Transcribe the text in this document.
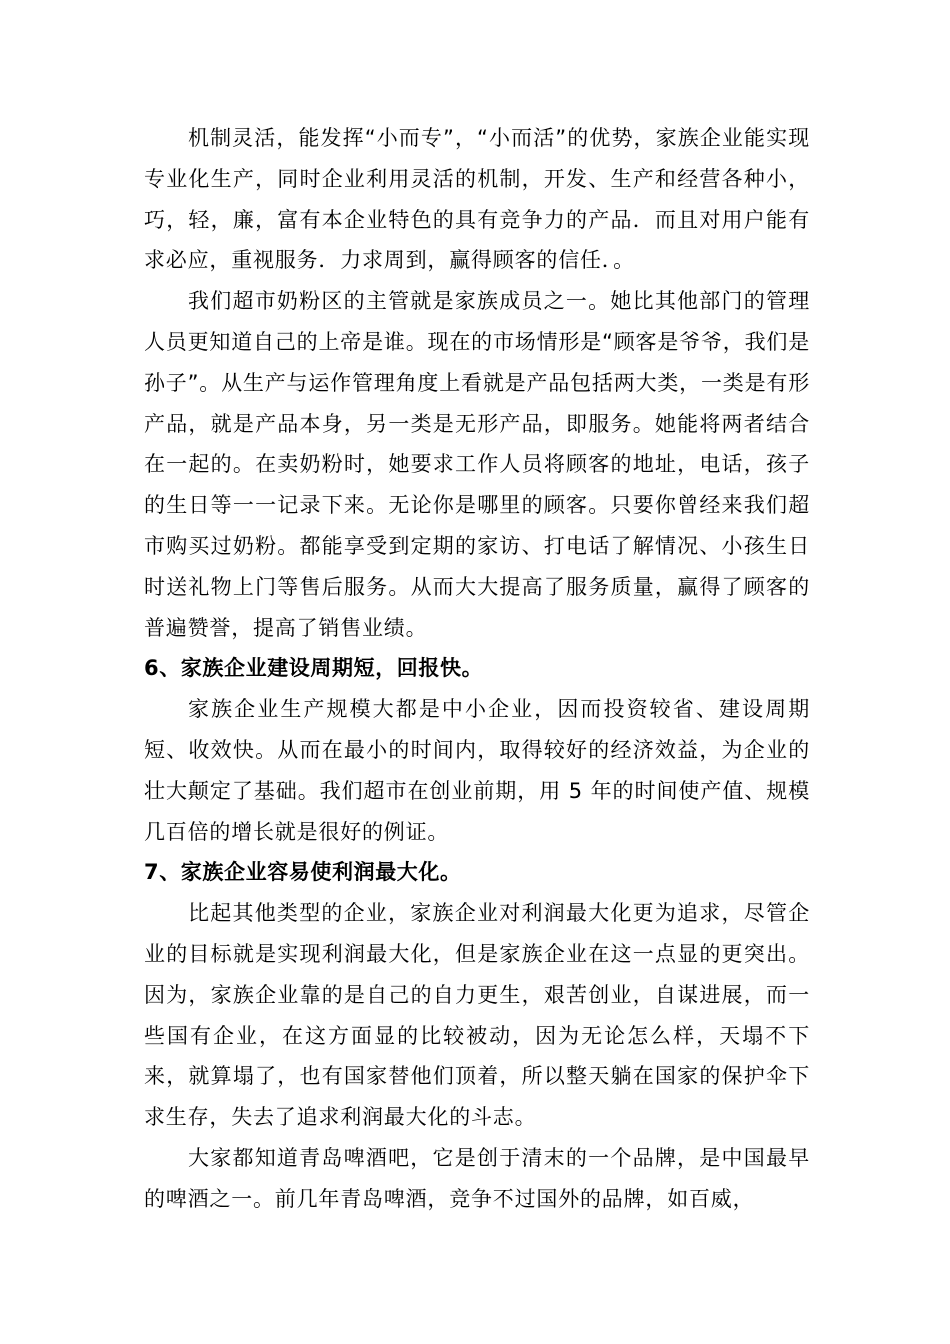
机制灵活，能发挥“小而专”，“小而活”的优势，家族企业能实现专业化生产，同时企业利用灵活的机制，开发、生产和经营各种小，巧，轻，廉，富有本企业特色的具有竞争力的产品．而且对用户能有求必应，重视服务．力求周到，赢得顾客的信任．。

我们超市奶粉区的主管就是家族成员之一。她比其他部门的管理人员更知道自己的上帝是谁。现在的市场情形是“顾客是爷爷，我们是孙子”。从生产与运作管理角度上看就是产品包括两大类，一类是有形产品，就是产品本身，另一类是无形产品，即服务。她能将两者结合在一起的。在卖奶粉时，她要求工作人员将顾客的地址，电话，孩子的生日等一一记录下来。无论你是哪里的顾客。只要你曾经来我们超市购买过奶粉。都能享受到定期的家访、打电话了解情况、小孩生日时送礼物上门等售后服务。从而大大提高了服务质量，赢得了顾客的普遍赞誉，提高了销售业绩。

6、家族企业建设周期短，回报快。

家族企业生产规模大都是中小企业，因而投资较省、建设周期短、收效快。从而在最小的时间内，取得较好的经济效益，为企业的壮大颠定了基础。我们超市在创业前期，用 5 年的时间使产值、规模几百倍的增长就是很好的例证。

7、家族企业容易使利润最大化。

比起其他类型的企业，家族企业对利润最大化更为追求，尽管企业的目标就是实现利润最大化，但是家族企业在这一点显的更突出。因为，家族企业靠的是自己的自力更生，艰苦创业，自谋进展，而一些国有企业，在这方面显的比较被动，因为无论怎么样，天塌不下来，就算塌了，也有国家替他们顶着，所以整天躺在国家的保护伞下求生存，失去了追求利润最大化的斗志。

大家都知道青岛啤酒吧，它是创于清末的一个品牌，是中国最早的啤酒之一。前几年青岛啤酒，竞争不过国外的品牌，如百威，
